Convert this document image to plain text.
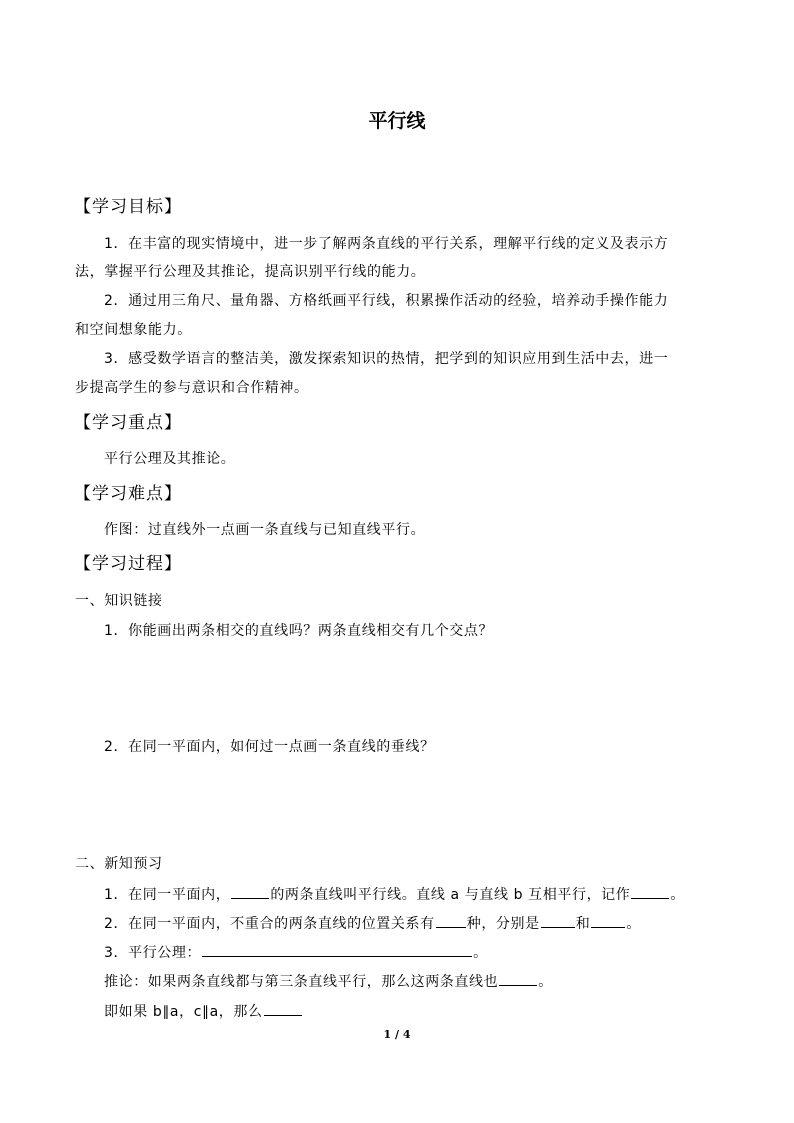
平行线
【学习目标】
1．在丰富的现实情境中，进一步了解两条直线的平行关系，理解平行线的定义及表示方
法，掌握平行公理及其推论，提高识别平行线的能力。
2．通过用三角尺、量角器、方格纸画平行线，积累操作活动的经验，培养动手操作能力
和空间想象能力。
3．感受数学语言的整洁美，激发探索知识的热情，把学到的知识应用到生活中去，进一
步提高学生的参与意识和合作精神。
【学习重点】
平行公理及其推论。
【学习难点】
作图：过直线外一点画一条直线与已知直线平行。
【学习过程】
一、知识链接
1．你能画出两条相交的直线吗？两条直线相交有几个交点？
2．在同一平面内，如何过一点画一条直线的垂线？
二、新知预习
1．在同一平面内，	的两条直线叫平行线。直线 a 与直线 b 互相平行，记作	。
2．在同一平面内，不重合的两条直线的位置关系有 种，分别是	和	。
3．平行公理：	。
推论：如果两条直线都与第三条直线平行，那么这两条直线也	。
即如果 b∥a，c∥a，那么
1 / 4
